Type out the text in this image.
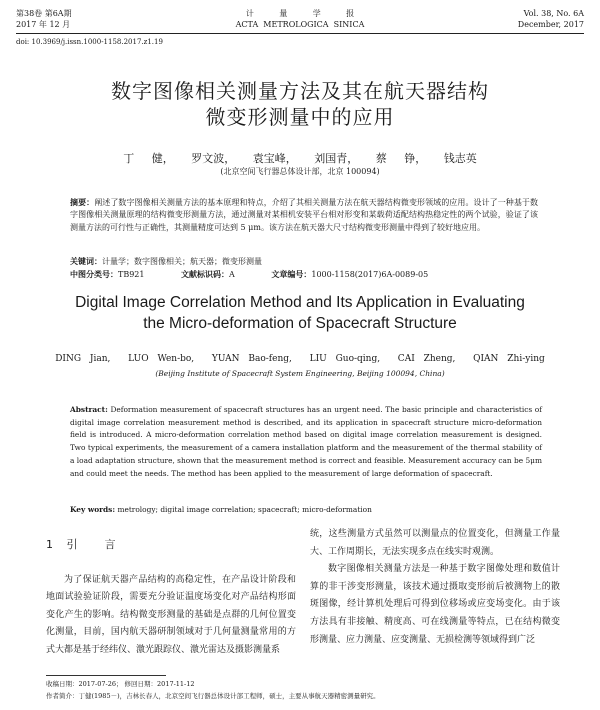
第38卷 第6A期
2017 年 12 月
计          量          学          报
ACTA  METROLOGICA  SINICA
Vol. 38, No. 6A
December, 2017
doi: 10.3969/j.issn.1000-1158.2017.z1.19
数字图像相关测量方法及其在航天器结构
微变形测量中的应用
丁 健， 罗文波， 袁宝峰， 刘国青， 蔡 铮， 钱志英
(北京空间飞行器总体设计部，北京 100094)
摘要：阐述了数字图像相关测量方法的基本原理和特点，介绍了其相关测量方法在航天器结构微变形领域的应用。设计了一种基于数字图像相关测量原理的结构微变形测量方法，通过测量对某相机安装平台相对形变和某载荷适配结构热稳定性的两个试验，验证了该测量方法的可行性与正确性，其测量精度可达到 5 μm。该方法在航天器大尺寸结构微变形测量中得到了较好地应用。
关键词：计量学；数字图像相关；航天器；微变形测量
中图分类号：TB921	文献标识码：A	文章编号：1000-1158(2017)6A-0089-05
Digital Image Correlation Method and Its Application in Evaluating
the Micro-deformation of Spacecraft Structure
DING Jian,  LUO Wen-bo,  YUAN Bao-feng,  LIU Guo-qing,  CAI Zheng,  QIAN Zhi-ying
(Beijing Institute of Spacecraft System Engineering, Beijing 100094, China)
Abstract: Deformation measurement of spacecraft structures has an urgent need. The basic principle and characteristics of digital image correlation measurement method is described, and its application in spacecraft structure micro-deformation field is introduced. A micro-deformation correlation method based on digital image correlation measurement is designed. Two typical experiments, the measurement of a camera installation platform and the measurement of the thermal stability of a load adaptation structure, shown that the measurement method is correct and feasible. Measurement accuracy can be 5μm and could meet the needs. The method has been applied to the measurement of large deformation of spacecraft.
Key words: metrology; digital image correlation; spacecraft; micro-deformation
1 引  言

为了保证航天器产品结构的高稳定性，在产品设计阶段和地面试验验证阶段，需要充分验证温度场变化对产品结构形面变化产生的影响。结构微变形测量的基础是点群的几何位置变化测量，目前，国内航天器研制领域对于几何量测量常用的方式大都是基于经纬仪、激光跟踪仪、激光雷达及摄影测量系

统，这些测量方式虽然可以测量点的位置变化，但测量工作量大、工作周期长，无法实现多点在线实时观测。

数字图像相关测量方法是一种基于数字图像处理和数值计算的非干涉变形测量，该技术通过摄取变形前后被测物上的散斑图像，经计算机处理后可得到位移场或应变场变化。由于该方法具有非接触、精度高、可在线测量等特点，已在结构微变形测量、应力测量、应变测量、无损检测等领域得到广泛

收稿日期：2017-07-26； 修回日期：2017-11-12
作者简介：丁健(1985－)，吉林长春人，北京空间飞行器总体设计部工程师，硕士，主要从事航天器精密测量研究。
